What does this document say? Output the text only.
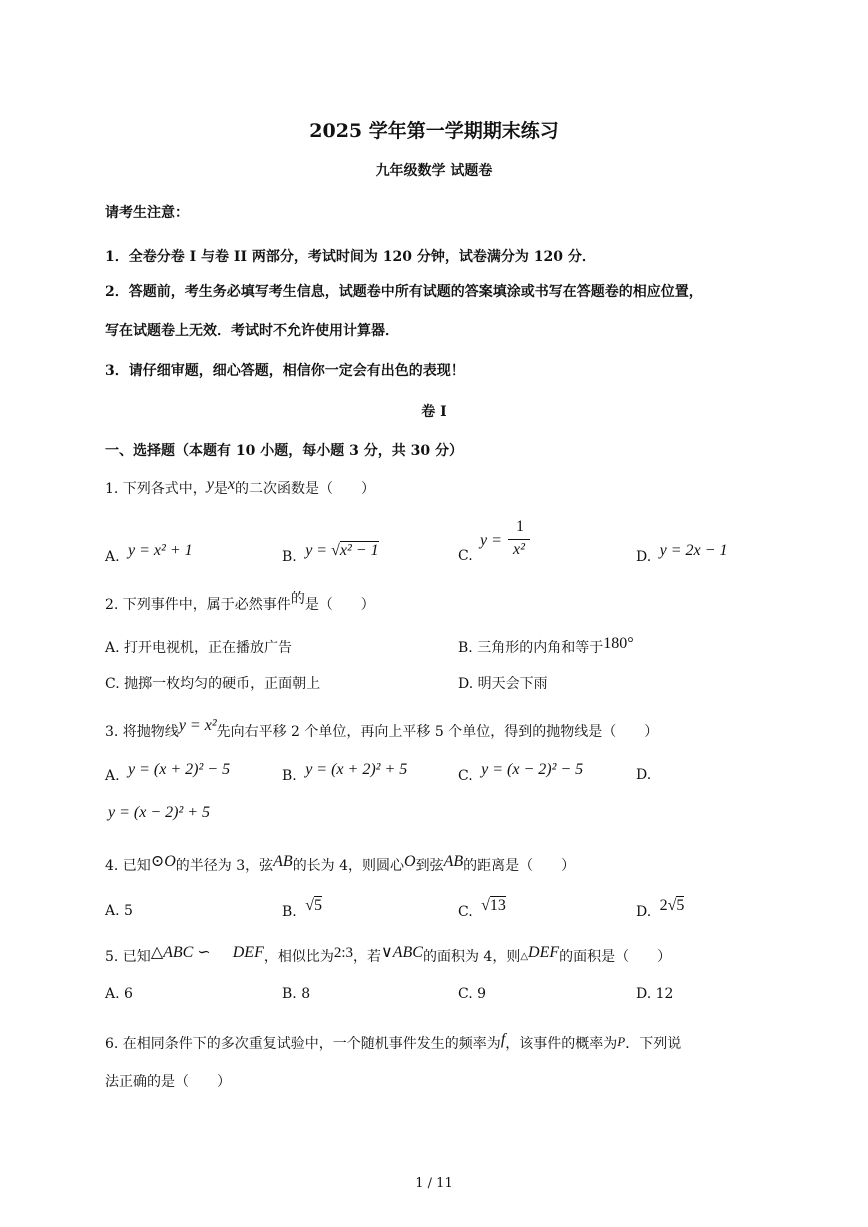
2025 学年第一学期期末练习
九年级数学 试题卷
请考生注意：
1．全卷分卷 I 与卷 II 两部分，考试时间为 120 分钟，试卷满分为 120 分．
2．答题前，考生务必填写考生信息，试题卷中所有试题的答案填涂或书写在答题卷的相应位置，
写在试题卷上无效．考试时不允许使用计算器．
3．请仔细审题，细心答题，相信你一定会有出色的表现！
卷 I
一、选择题（本题有 10 小题，每小题 3 分，共 30 分）
1. 下列各式中，y是x的二次函数是（　　）
A. y = x² + 1	B. y = √x² − 1	C.
y =
1
x²	D. y = 2x − 1
2. 下列事件中，属于必然事件的是（　　）
A. 打开电视机，正在播放广告	B. 三角形的内角和等于180°
C. 抛掷一枚均匀的硬币，正面朝上	D. 明天会下雨
3. 将抛物线y = x²先向右平移 2 个单位，再向上平移 5 个单位，得到的抛物线是（　　）
A. y = (x + 2)² − 5	B. y = (x + 2)² + 5	C. y = (x − 2)² − 5	D.
y = (x − 2)² + 5
4. 已知⊙O的半径为 3，弦AB的长为 4，则圆心O到弦AB的距离是（　　）
A. 5	B. √5	C. √13	D. 2√5
5. 已知△ABC ∽ DEF，相似比为2:3，若∨ABC的面积为 4，则△DEF的面积是（　　）
A. 6	B. 8	C. 9	D. 12
6. 在相同条件下的多次重复试验中，一个随机事件发生的频率为f，该事件的概率为P．下列说
法正确的是（　　）
1 / 11
